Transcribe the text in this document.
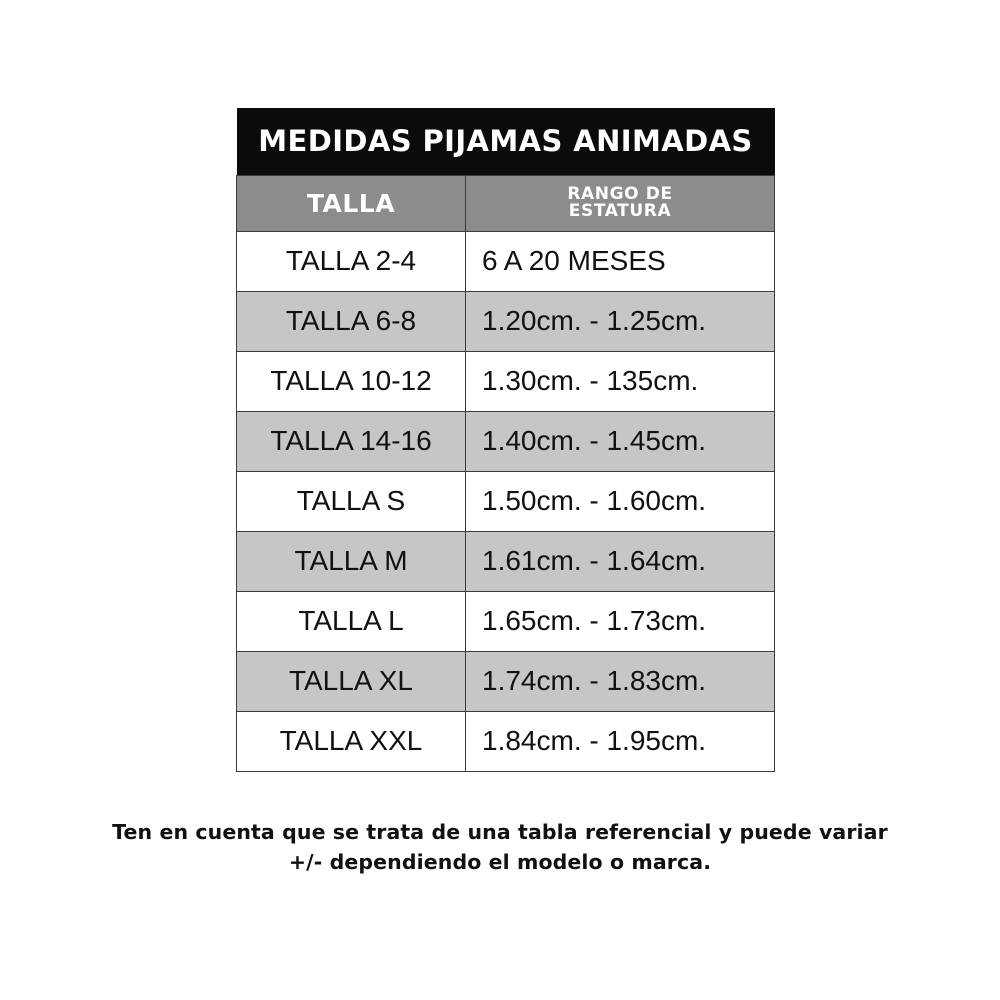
MEDIDAS PIJAMAS ANIMADAS	
TALLA	RANGO DE
ESTATURA
TALLA 2-4	6 A 20 MESES
TALLA 6-8	1.20cm. - 1.25cm.
TALLA 10-12	1.30cm. - 135cm.
TALLA 14-16	1.40cm. - 1.45cm.
TALLA S	1.50cm. - 1.60cm.
TALLA M	1.61cm. - 1.64cm.
TALLA L	1.65cm. - 1.73cm.
TALLA XL	1.74cm. - 1.83cm.
TALLA XXL	1.84cm. - 1.95cm.
Ten en cuenta que se trata de una tabla referencial y puede variar
+/- dependiendo el modelo o marca.
